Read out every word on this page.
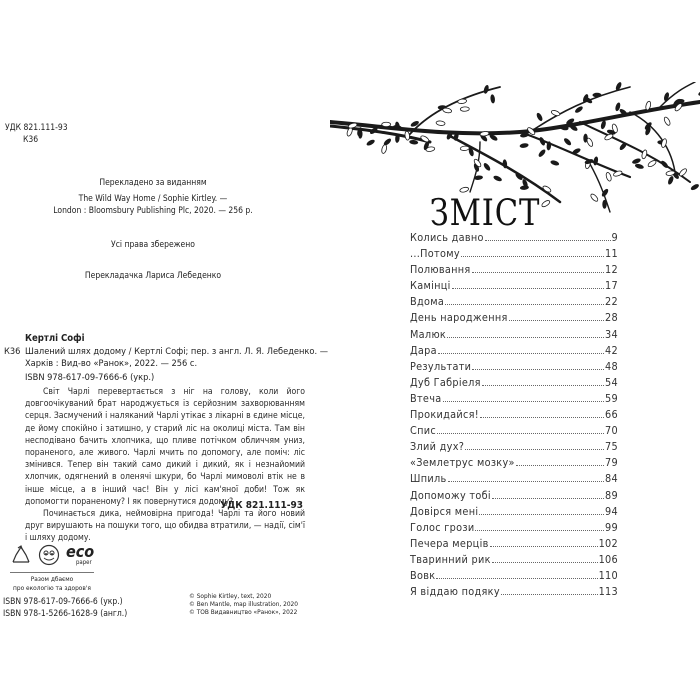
УДК 821.111-93
К36
Перекладено за виданням
The Wild Way Home / Sophie Kirtley. —
London : Bloomsbury Publishing Plc, 2020. — 256 p.
Усі права збережено
Перекладачка Лариса Лебеденко
Кертлі Софі
К36 Шалений шлях додому / Кертлі Софі; пер. з англ. Л. Я. Лебеденко. —
Харків : Вид-во «Ранок», 2022. — 256 с.
ISBN 978-617-09-7666-6 (укр.)

Світ Чарлі перевертається з ніг на голову, коли його довгоочікуваний брат народжується із серйозним захворюванням серця. Засмучений і наляканий Чарлі утікає з лікарні в єдине місце, де йому спокійно і затишно, у старий ліс на околиці міста. Там він несподівано бачить хлопчика, що пливе потічком обличчям униз, пораненого, але живого. Чарлі мчить по допомогу, але поміч: ліс змінився. Тепер він такий само дикий і дикий, як і незнайомий хлопчик, одягнений в оленячі шкури, бо Чарлі мимоволі втік не в інше місце, а в інший час! Він у лісі кам'яної доби! Тож як допомогти пораненому? І як повернутися додому?

Починається дика, неймовірна пригода! Чарлі та його новий друг вирушають на пошуки того, що обидва втратили, — надії, сім'ї і шляху додому.

УДК 821.111-93
eco
paper
Разом дбаємо
про екологію та здоров'я
ISBN 978-617-09-7666-6 (укр.)
ISBN 978-1-5266-1628-9 (англ.)
© Sophie Kirtley, text, 2020
© Ben Mantle, map illustration, 2020
© ТОВ Видавництво «Ранок», 2022
ЗМІСТ
Колись давно	9
...Потому	11
Полювання	12
Камінці	17
Вдома	22
День народження	28
Малюк	34
Дара	42
Результати	48
Дуб Габріеля	54
Втеча	59
Прокидайся!	66
Спис	70
Злий дух?	75
«Землетрус мозку»	79
Шпиль	84
Допоможу тобі	89
Довірся мені	94
Голос грози	99
Печера мерців	102
Тваринний рик	106
Вовк	110
Я віддаю подяку	113
